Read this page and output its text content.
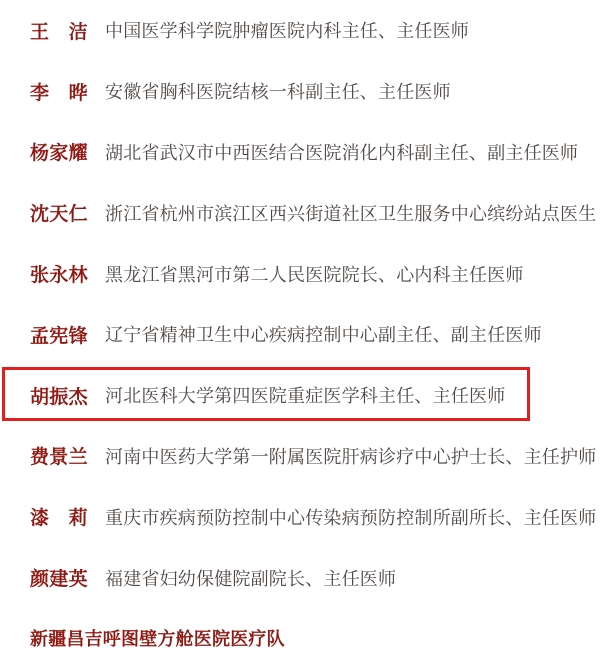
王　洁 中国医学科学院肿瘤医院内科主任、主任医师
李　晔 安徽省胸科医院结核一科副主任、主任医师
杨家耀 湖北省武汉市中西医结合医院消化内科副主任、副主任医师
沈天仁 浙江省杭州市滨江区西兴街道社区卫生服务中心缤纷站点医生
张永林 黑龙江省黑河市第二人民医院院长、心内科主任医师
孟宪锋 辽宁省精神卫生中心疾病控制中心副主任、副主任医师
胡振杰 河北医科大学第四医院重症医学科主任、主任医师
费景兰 河南中医药大学第一附属医院肝病诊疗中心护士长、主任护师
漆　莉 重庆市疾病预防控制中心传染病预防控制所副所长、主任医师
颜建英 福建省妇幼保健院副院长、主任医师
新疆昌吉呼图壁方舱医院医疗队
